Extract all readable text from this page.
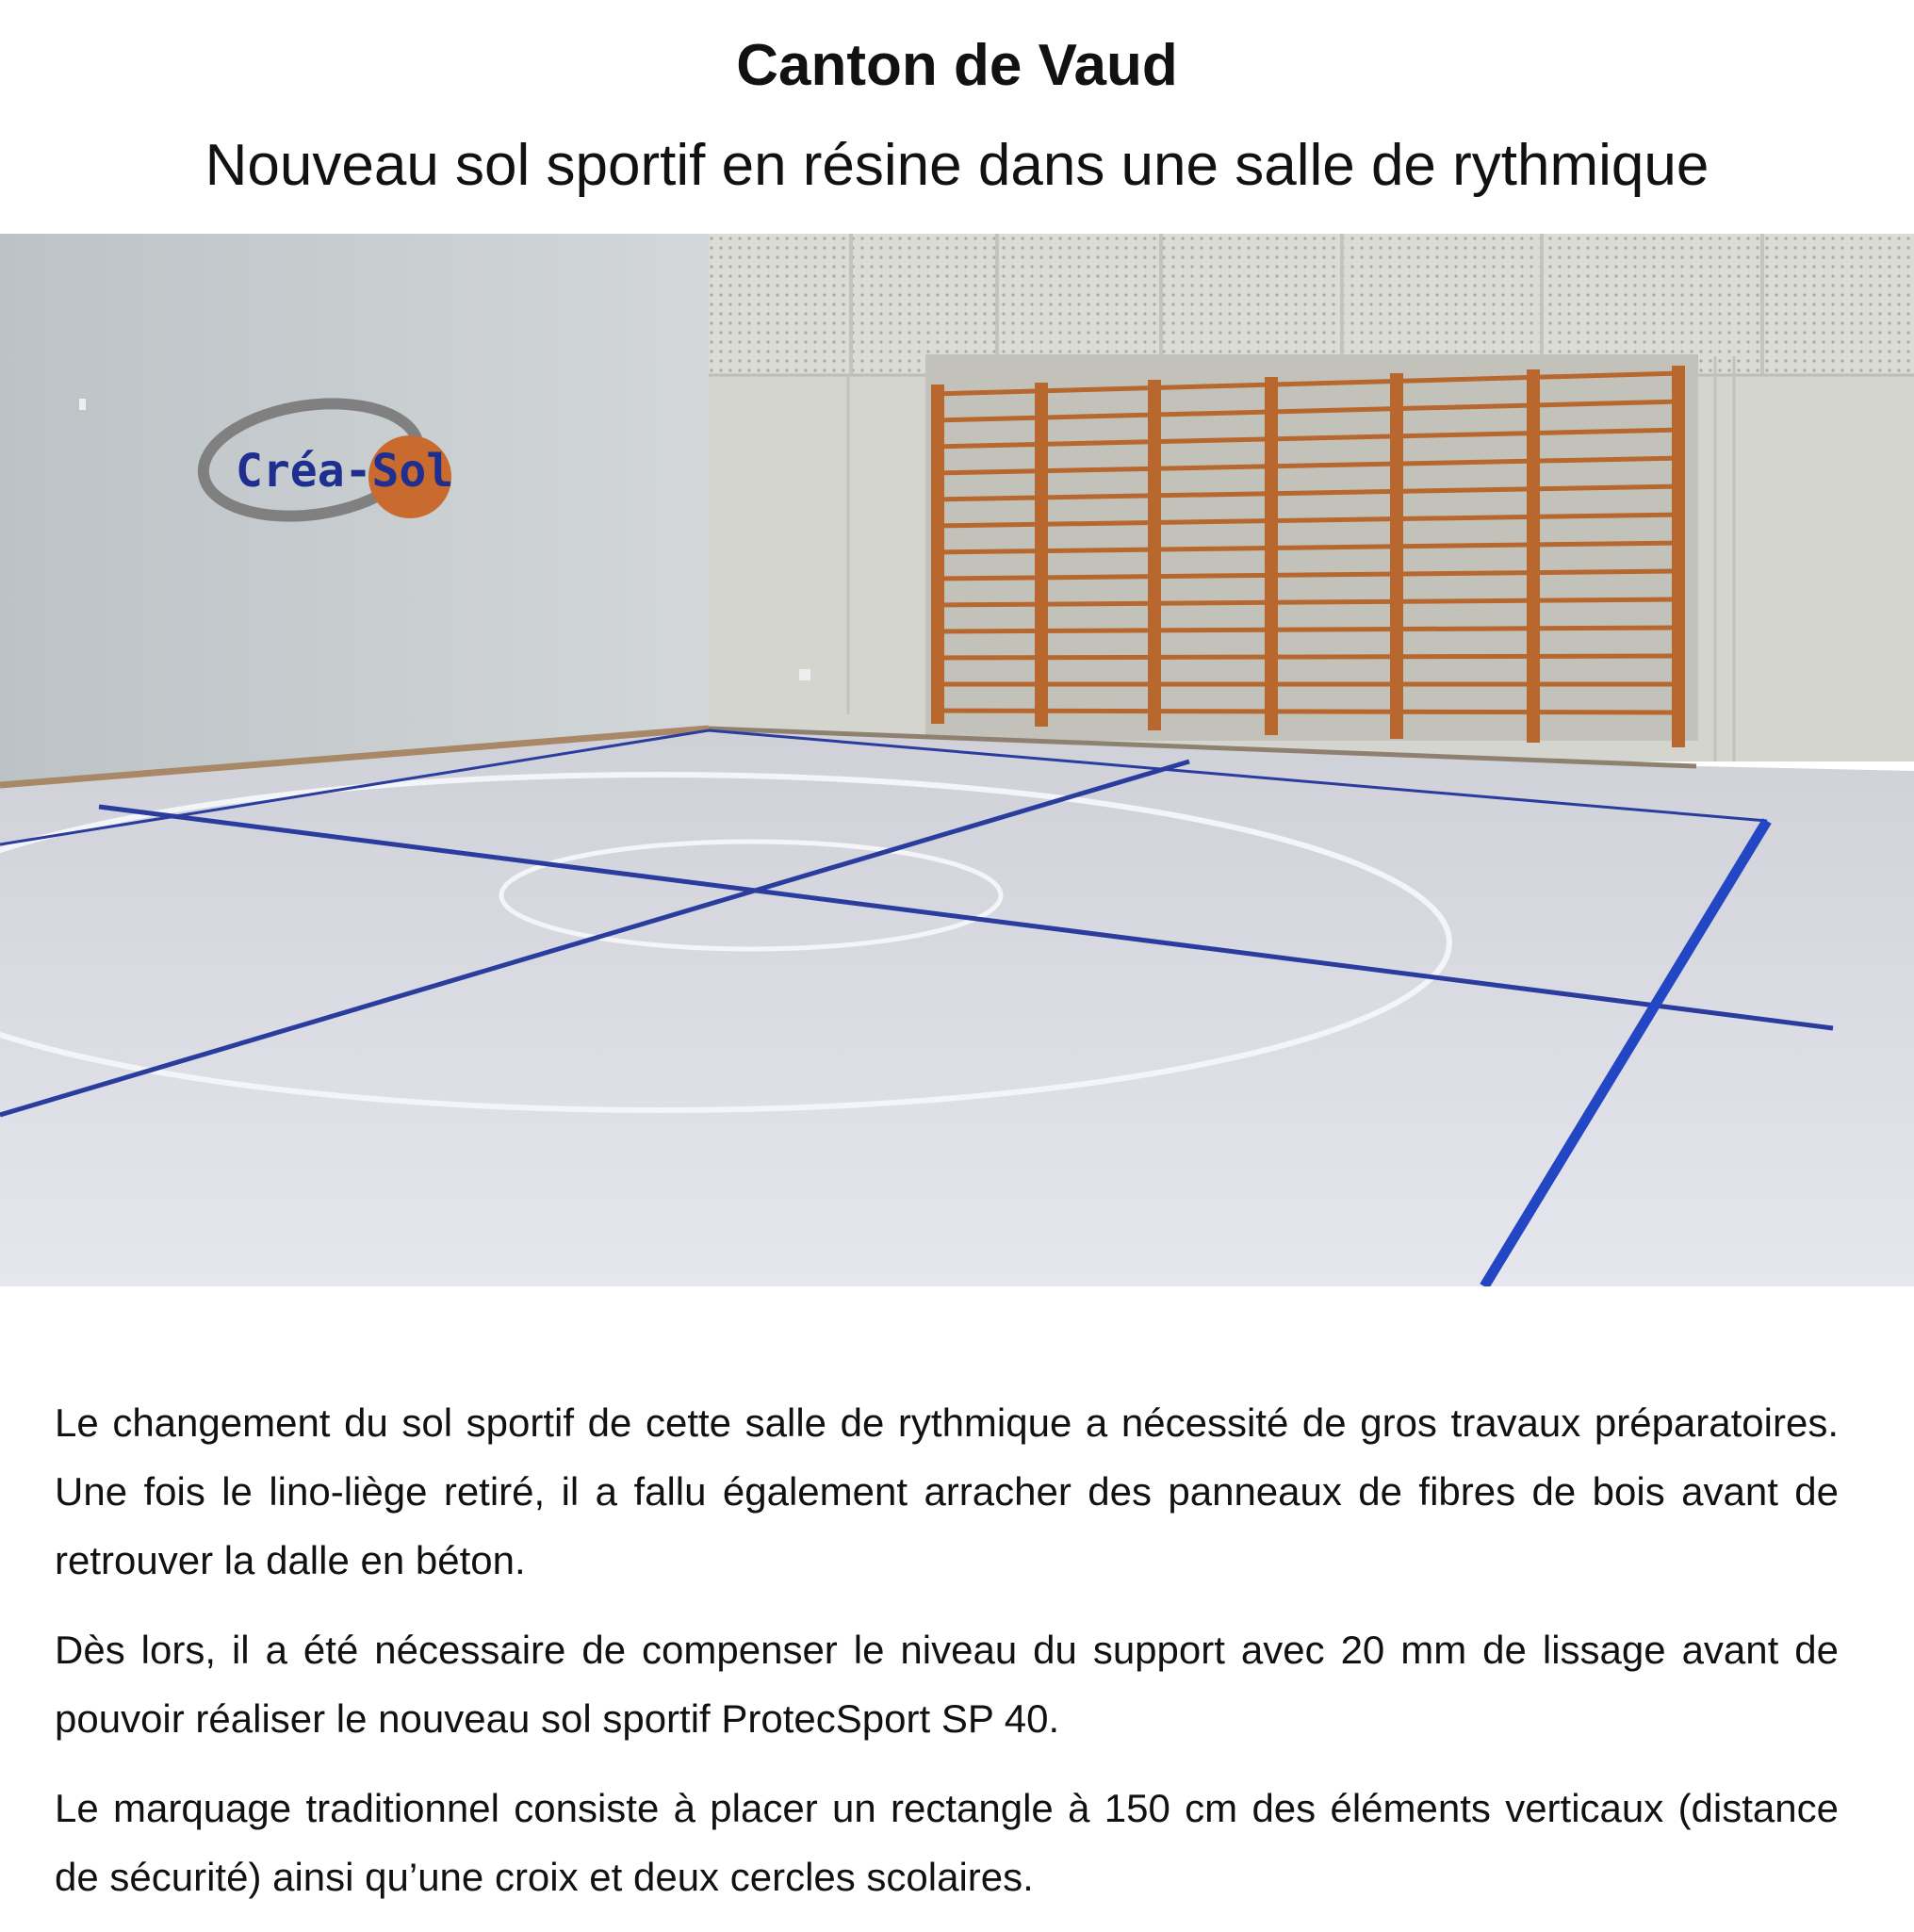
Canton de Vaud
Nouveau sol sportif en résine dans une salle de rythmique
Créa-Sol

Le changement du sol sportif de cette salle de rythmique a nécessité de gros travaux préparatoires. Une fois le lino-liège retiré, il a fallu également arracher des panneaux de fibres de bois avant de retrouver la dalle en béton.

Dès lors, il a été nécessaire de compenser le niveau du support avec 20 mm de lissage avant de pouvoir réaliser le nouveau sol sportif ProtecSport SP 40.

Le marquage traditionnel consiste à placer un rectangle à 150 cm des éléments verticaux (distance de sécurité) ainsi qu’une croix et deux cercles scolaires.
